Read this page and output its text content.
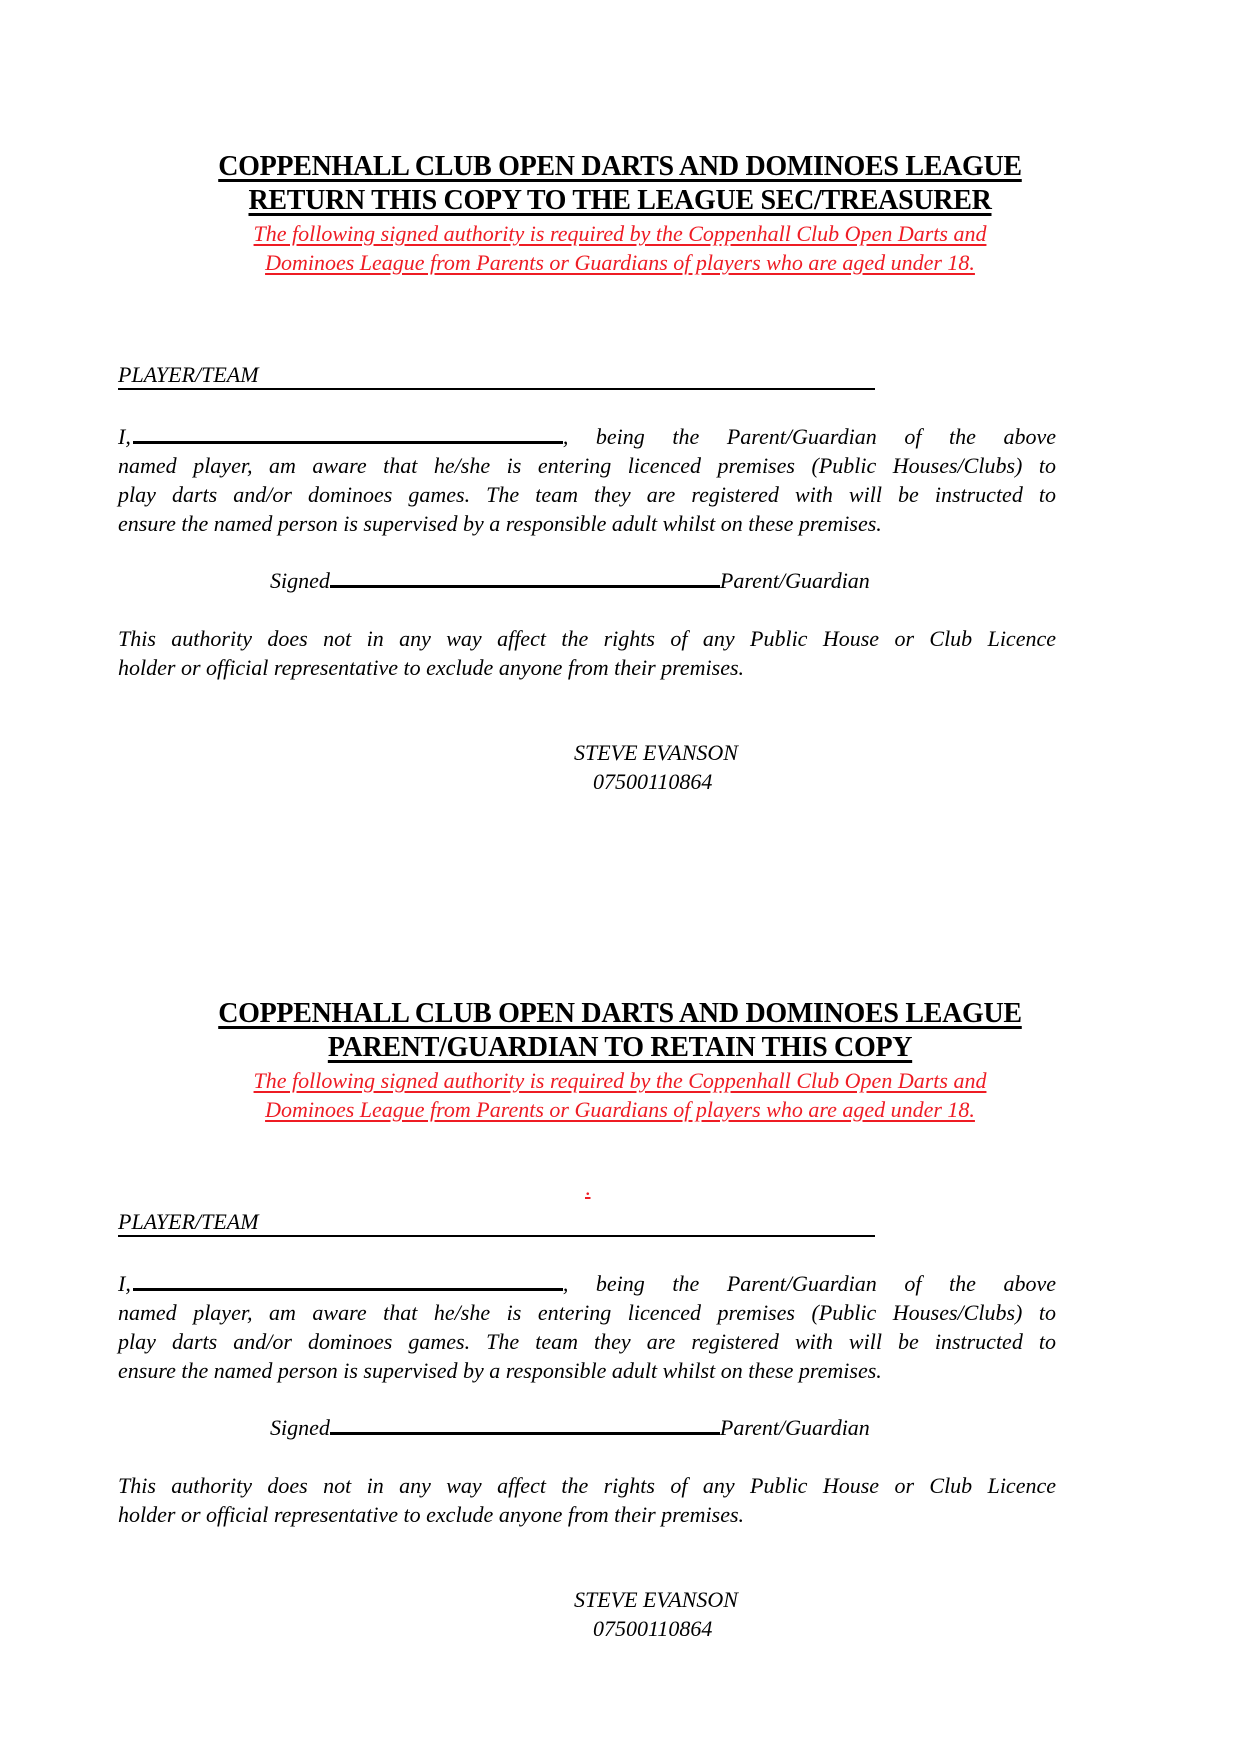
COPPENHALL CLUB OPEN DARTS AND DOMINOES LEAGUE
RETURN THIS COPY TO THE LEAGUE SEC/TREASURER
The following signed authority is required by the Coppenhall Club Open Darts and
Dominoes League from Parents or Guardians of players who are aged under 18.
PLAYER/TEAM
I,	, being the Parent/Guardian of the above
named player, am aware that he/she is entering licenced premises (Public Houses/Clubs) to
play darts and/or dominoes games. The team they are registered with will be instructed to
ensure the named person is supervised by a responsible adult whilst on these premises.
Signed	Parent/Guardian
This authority does not in any way affect the rights of any Public House or Club Licence
holder or official representative to exclude anyone from their premises.
STEVE EVANSON
07500110864
COPPENHALL CLUB OPEN DARTS AND DOMINOES LEAGUE
PARENT/GUARDIAN TO RETAIN THIS COPY
The following signed authority is required by the Coppenhall Club Open Darts and
Dominoes League from Parents or Guardians of players who are aged under 18.
PLAYER/TEAM
I,	, being the Parent/Guardian of the above
named player, am aware that he/she is entering licenced premises (Public Houses/Clubs) to
play darts and/or dominoes games. The team they are registered with will be instructed to
ensure the named person is supervised by a responsible adult whilst on these premises.
Signed	Parent/Guardian
This authority does not in any way affect the rights of any Public House or Club Licence
holder or official representative to exclude anyone from their premises.
STEVE EVANSON
07500110864
.
